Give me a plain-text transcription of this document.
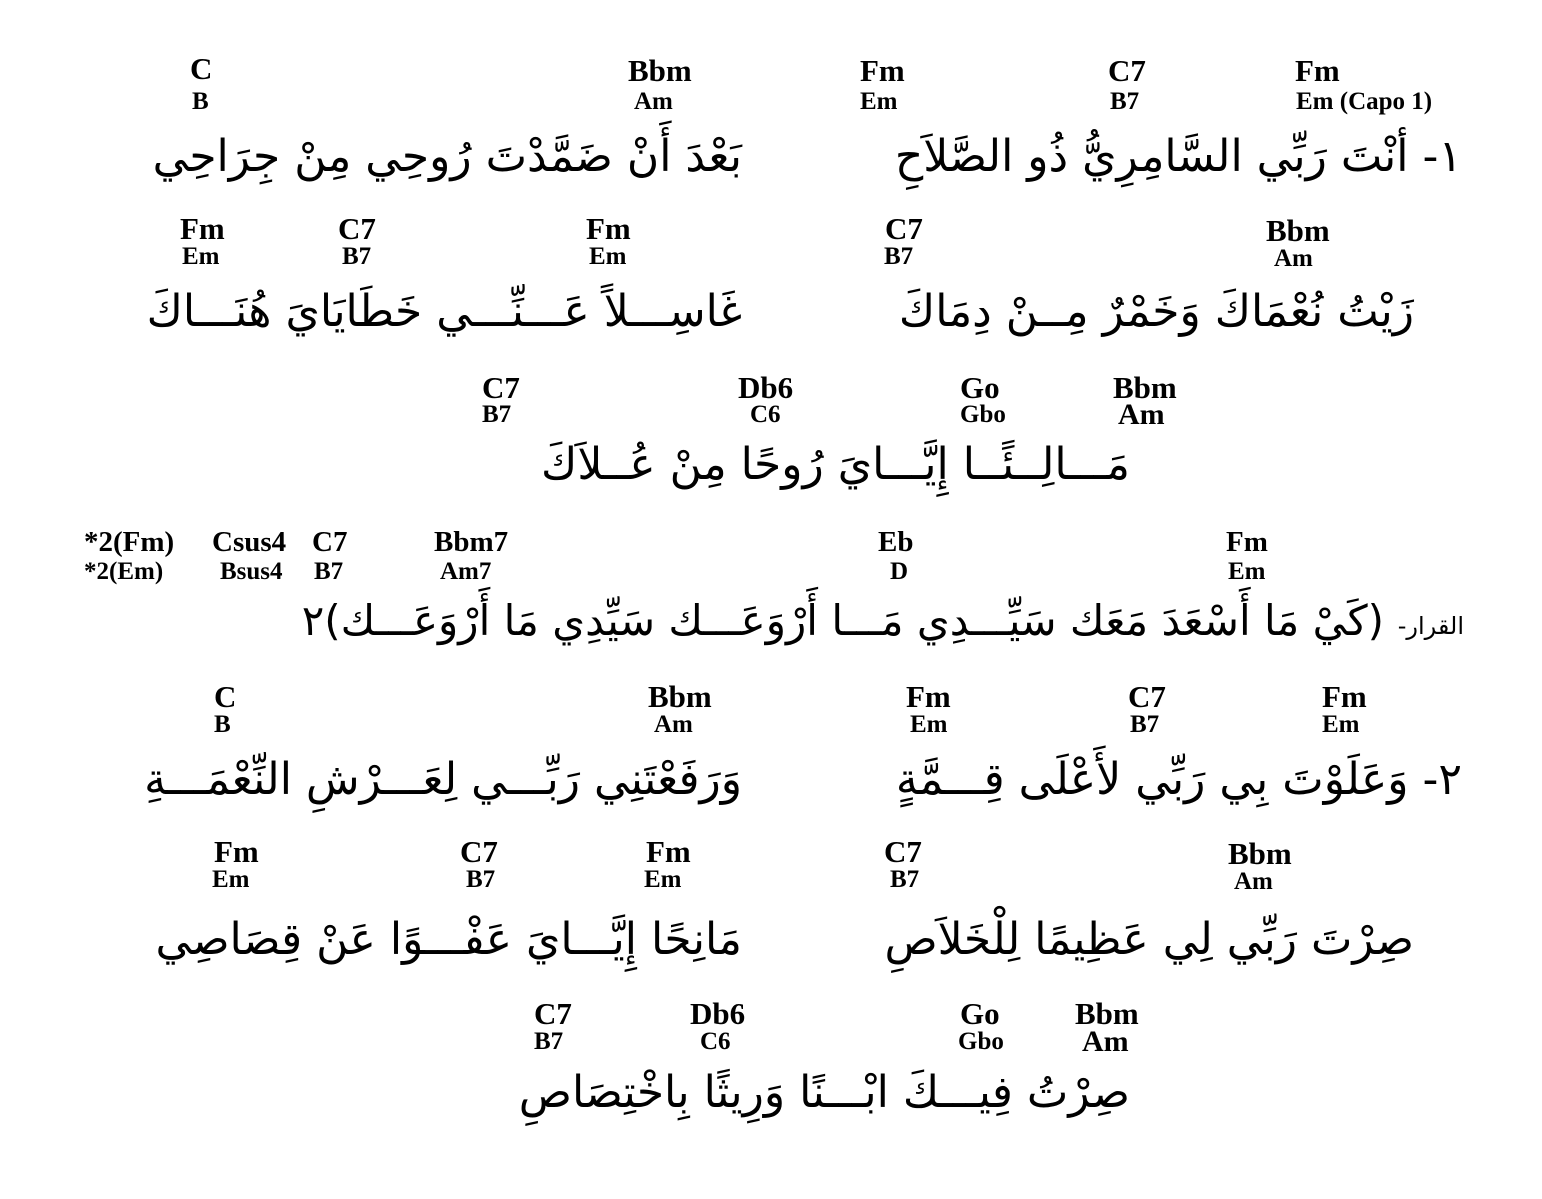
C	Bbm	Fm	C7	Fm
B	Am	Em	B7	Em (Capo 1)
١- أنْتَ رَبِّي السَّامِرِيُّ ذُو الصَّلاَحِ
بَعْدَ أَنْ ضَمَّدْتَ رُوحِي مِنْ جِرَاحِي
Fm	C7	Fm	C7	Bbm
Em	B7	Em	B7	Am
زَيْتُ نُعْمَاكَ وَخَمْرٌ مِــنْ دِمَاكَ
غَاسِـــلاً عَـــنِّـــي خَطَايَايَ هُنَـــاكَ
C7	Db6	Go	Bbm
B7	C6	Gbo	Am
مَـــالِــئًــا إِيَّـــايَ رُوحًا مِنْ عُــلاَكَ
*2(Fm) Csus4 C7	Bbm7	Eb	Fm
*2(Em) Bsus4 B7	Am7	D	Em
القرار-
(كَيْ مَا أَسْعَدَ مَعَك سَيِّـــدِي مَـــا أَرْوَعَـــك سَيِّدِي مَا أَرْوَعَـــك)٢
C	Bbm	Fm	C7	Fm
B	Am	Em	B7	Em
٢- وَعَلَوْتَ بِي رَبِّي لأَعْلَى قِـــمَّةٍ
وَرَفَعْتَنِي رَبِّـــي لِعَـــرْشِ النِّعْمَـــةِ
Fm	C7	Fm	C7	Bbm
Em	B7	Em	B7	Am
صِرْتَ رَبِّي لِي عَظِيمًا لِلْخَلاَصِ
مَانِحًا إِيَّـــايَ عَفْـــوًا عَنْ قِصَاصِي
C7	Db6	Go Bbm
B7	C6	Gbo	Am
صِرْتُ فِيـــكَ ابْـــنًا وَرِيثًا بِاخْتِصَاصِ
